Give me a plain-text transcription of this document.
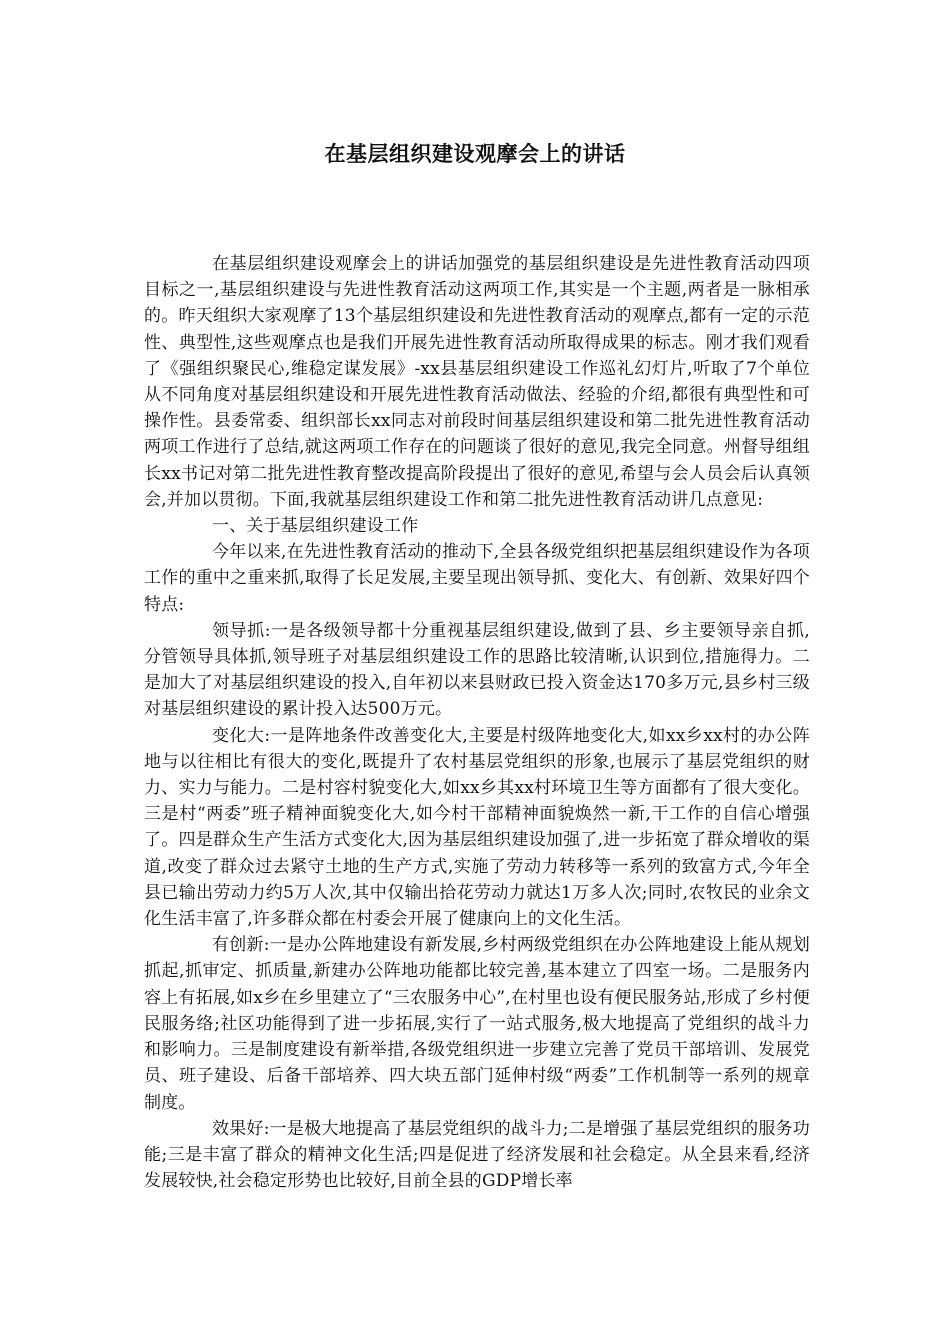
在基层组织建设观摩会上的讲话

在基层组织建设观摩会上的讲话加强党的基层组织建设是先进性教育活动四项目标之一,基层组织建设与先进性教育活动这两项工作,其实是一个主题,两者是一脉相承的。昨天组织大家观摩了13个基层组织建设和先进性教育活动的观摩点,都有一定的示范性、典型性,这些观摩点也是我们开展先进性教育活动所取得成果的标志。刚才我们观看了《强组织聚民心,维稳定谋发展》-xx县基层组织建设工作巡礼幻灯片,听取了7个单位从不同角度对基层组织建设和开展先进性教育活动做法、经验的介绍,都很有典型性和可操作性。县委常委、组织部长xx同志对前段时间基层组织建设和第二批先进性教育活动两项工作进行了总结,就这两项工作存在的问题谈了很好的意见,我完全同意。州督导组组长xx书记对第二批先进性教育整改提高阶段提出了很好的意见,希望与会人员会后认真领会,并加以贯彻。下面,我就基层组织建设工作和第二批先进性教育活动讲几点意见:

一、关于基层组织建设工作

今年以来,在先进性教育活动的推动下,全县各级党组织把基层组织建设作为各项工作的重中之重来抓,取得了长足发展,主要呈现出领导抓、变化大、有创新、效果好四个特点:

领导抓:一是各级领导都十分重视基层组织建设,做到了县、乡主要领导亲自抓,分管领导具体抓,领导班子对基层组织建设工作的思路比较清晰,认识到位,措施得力。二是加大了对基层组织建设的投入,自年初以来县财政已投入资金达170多万元,县乡村三级对基层组织建设的累计投入达500万元。

变化大:一是阵地条件改善变化大,主要是村级阵地变化大,如xx乡xx村的办公阵地与以往相比有很大的变化,既提升了农村基层党组织的形象,也展示了基层党组织的财力、实力与能力。二是村容村貌变化大,如xx乡其xx村环境卫生等方面都有了很大变化。三是村“两委”班子精神面貌变化大,如今村干部精神面貌焕然一新,干工作的自信心增强了。四是群众生产生活方式变化大,因为基层组织建设加强了,进一步拓宽了群众增收的渠道,改变了群众过去紧守土地的生产方式,实施了劳动力转移等一系列的致富方式,今年全县已输出劳动力约5万人次,其中仅输出拾花劳动力就达1万多人次;同时,农牧民的业余文化生活丰富了,许多群众都在村委会开展了健康向上的文化生活。

有创新:一是办公阵地建设有新发展,乡村两级党组织在办公阵地建设上能从规划抓起,抓审定、抓质量,新建办公阵地功能都比较完善,基本建立了四室一场。二是服务内容上有拓展,如x乡在乡里建立了“三农服务中心”,在村里也设有便民服务站,形成了乡村便民服务络;社区功能得到了进一步拓展,实行了一站式服务,极大地提高了党组织的战斗力和影响力。三是制度建设有新举措,各级党组织进一步建立完善了党员干部培训、发展党员、班子建设、后备干部培养、四大块五部门延伸村级“两委”工作机制等一系列的规章制度。

效果好:一是极大地提高了基层党组织的战斗力;二是增强了基层党组织的服务功能;三是丰富了群众的精神文化生活;四是促进了经济发展和社会稳定。从全县来看,经济发展较快,社会稳定形势也比较好,目前全县的GDP增长率
